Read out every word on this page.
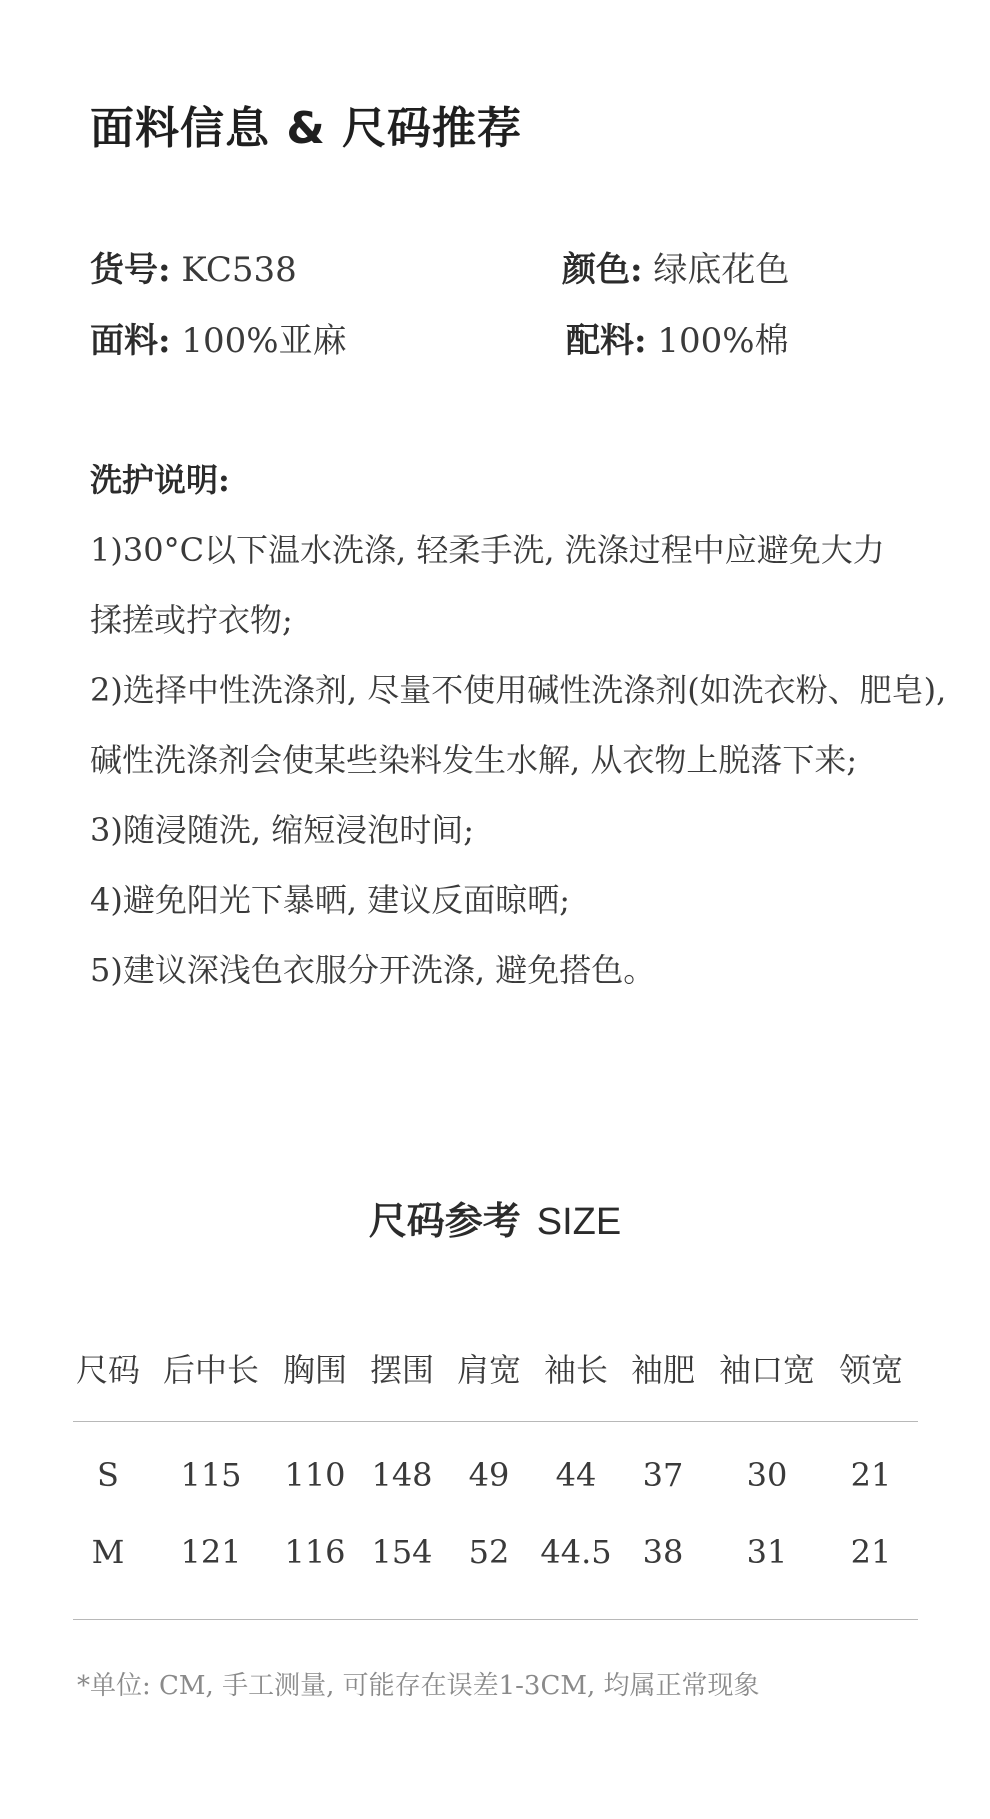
面料信息 & 尺码推荐
货号: KC538	颜色: 绿底花色
面料: 100%亚麻	配料: 100%棉
洗护说明:
1)30°C以下温水洗涤, 轻柔手洗, 洗涤过程中应避免大力
揉搓或拧衣物;
2)选择中性洗涤剂, 尽量不使用碱性洗涤剂(如洗衣粉、肥皂),
碱性洗涤剂会使某些染料发生水解, 从衣物上脱落下来;
3)随浸随洗, 缩短浸泡时间;
4)避免阳光下暴晒, 建议反面晾晒;
5)建议深浅色衣服分开洗涤, 避免搭色。
尺码参考 SIZE
尺码 后中长 胸围 摆围 肩宽 袖长 袖肥 袖口宽 领宽
S 115 110 148 49 44 37 30 21
M 121 116 154 52 44.5 38 31 21
*单位: CM, 手工测量, 可能存在误差1-3CM, 均属正常现象
